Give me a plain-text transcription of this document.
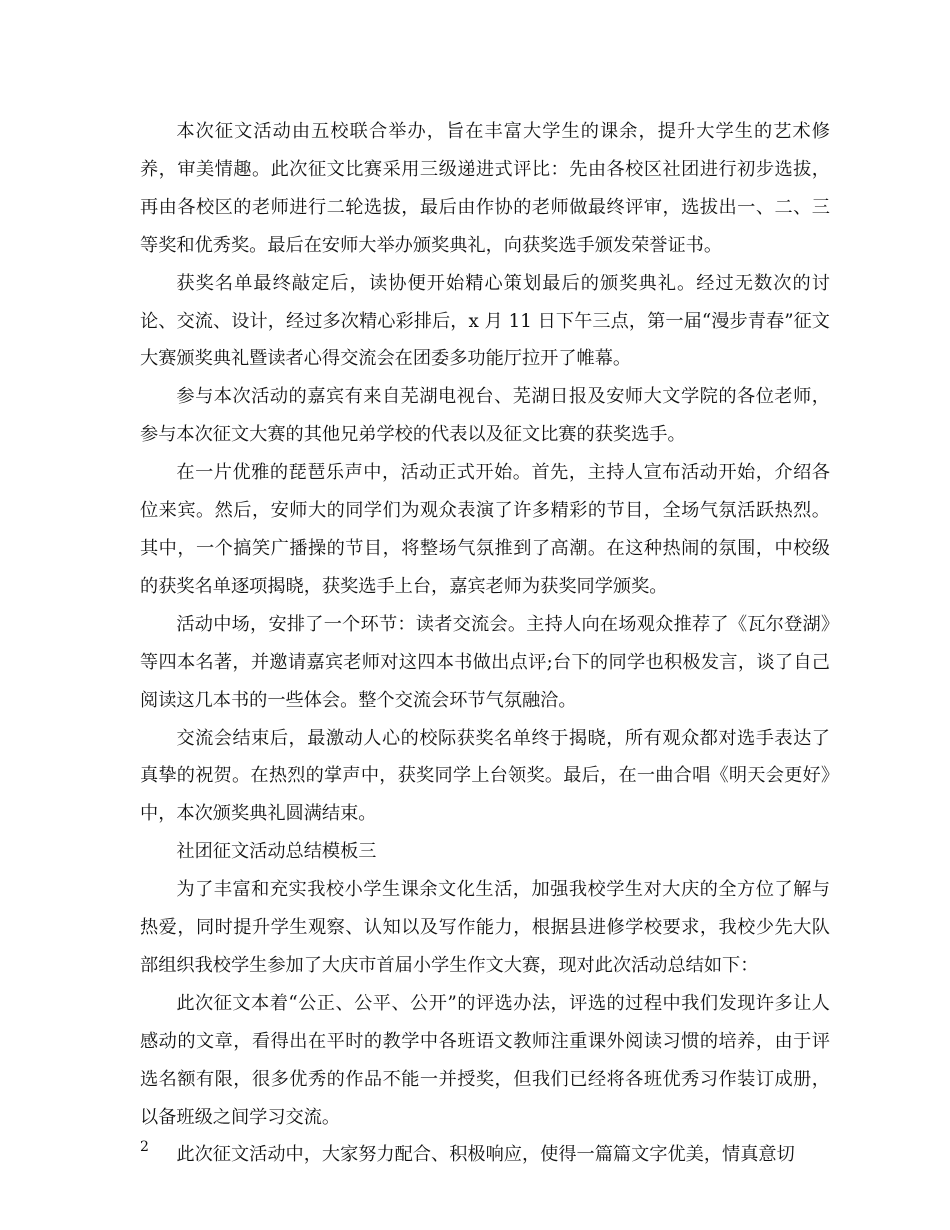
本次征文活动由五校联合举办，旨在丰富大学生的课余，提升大学生的艺术修养，审美情趣。此次征文比赛采用三级递进式评比：先由各校区社团进行初步选拔，再由各校区的老师进行二轮选拔，最后由作协的老师做最终评审，选拔出一、二、三等奖和优秀奖。最后在安师大举办颁奖典礼，向获奖选手颁发荣誉证书。

获奖名单最终敲定后，读协便开始精心策划最后的颁奖典礼。经过无数次的讨论、交流、设计，经过多次精心彩排后，x 月 11 日下午三点，第一届“漫步青春”征文大赛颁奖典礼暨读者心得交流会在团委多功能厅拉开了帷幕。

参与本次活动的嘉宾有来自芜湖电视台、芜湖日报及安师大文学院的各位老师，参与本次征文大赛的其他兄弟学校的代表以及征文比赛的获奖选手。

在一片优雅的琵琶乐声中，活动正式开始。首先，主持人宣布活动开始，介绍各位来宾。然后，安师大的同学们为观众表演了许多精彩的节目，全场气氛活跃热烈。其中，一个搞笑广播操的节目，将整场气氛推到了高潮。在这种热闹的氛围，中校级的获奖名单逐项揭晓，获奖选手上台，嘉宾老师为获奖同学颁奖。

活动中场，安排了一个环节：读者交流会。主持人向在场观众推荐了《瓦尔登湖》等四本名著，并邀请嘉宾老师对这四本书做出点评;台下的同学也积极发言，谈了自己阅读这几本书的一些体会。整个交流会环节气氛融洽。

交流会结束后，最激动人心的校际获奖名单终于揭晓，所有观众都对选手表达了真挚的祝贺。在热烈的掌声中，获奖同学上台领奖。最后，在一曲合唱《明天会更好》中，本次颁奖典礼圆满结束。

社团征文活动总结模板三

为了丰富和充实我校小学生课余文化生活，加强我校学生对大庆的全方位了解与热爱，同时提升学生观察、认知以及写作能力，根据县进修学校要求，我校少先大队部组织我校学生参加了大庆市首届小学生作文大赛，现对此次活动总结如下：

此次征文本着“公正、公平、公开”的评选办法，评选的过程中我们发现许多让人感动的文章，看得出在平时的教学中各班语文教师注重课外阅读习惯的培养，由于评选名额有限，很多优秀的作品不能一并授奖，但我们已经将各班优秀习作装订成册，以备班级之间学习交流。

此次征文活动中，大家努力配合、积极响应，使得一篇篇文字优美，情真意切

2
